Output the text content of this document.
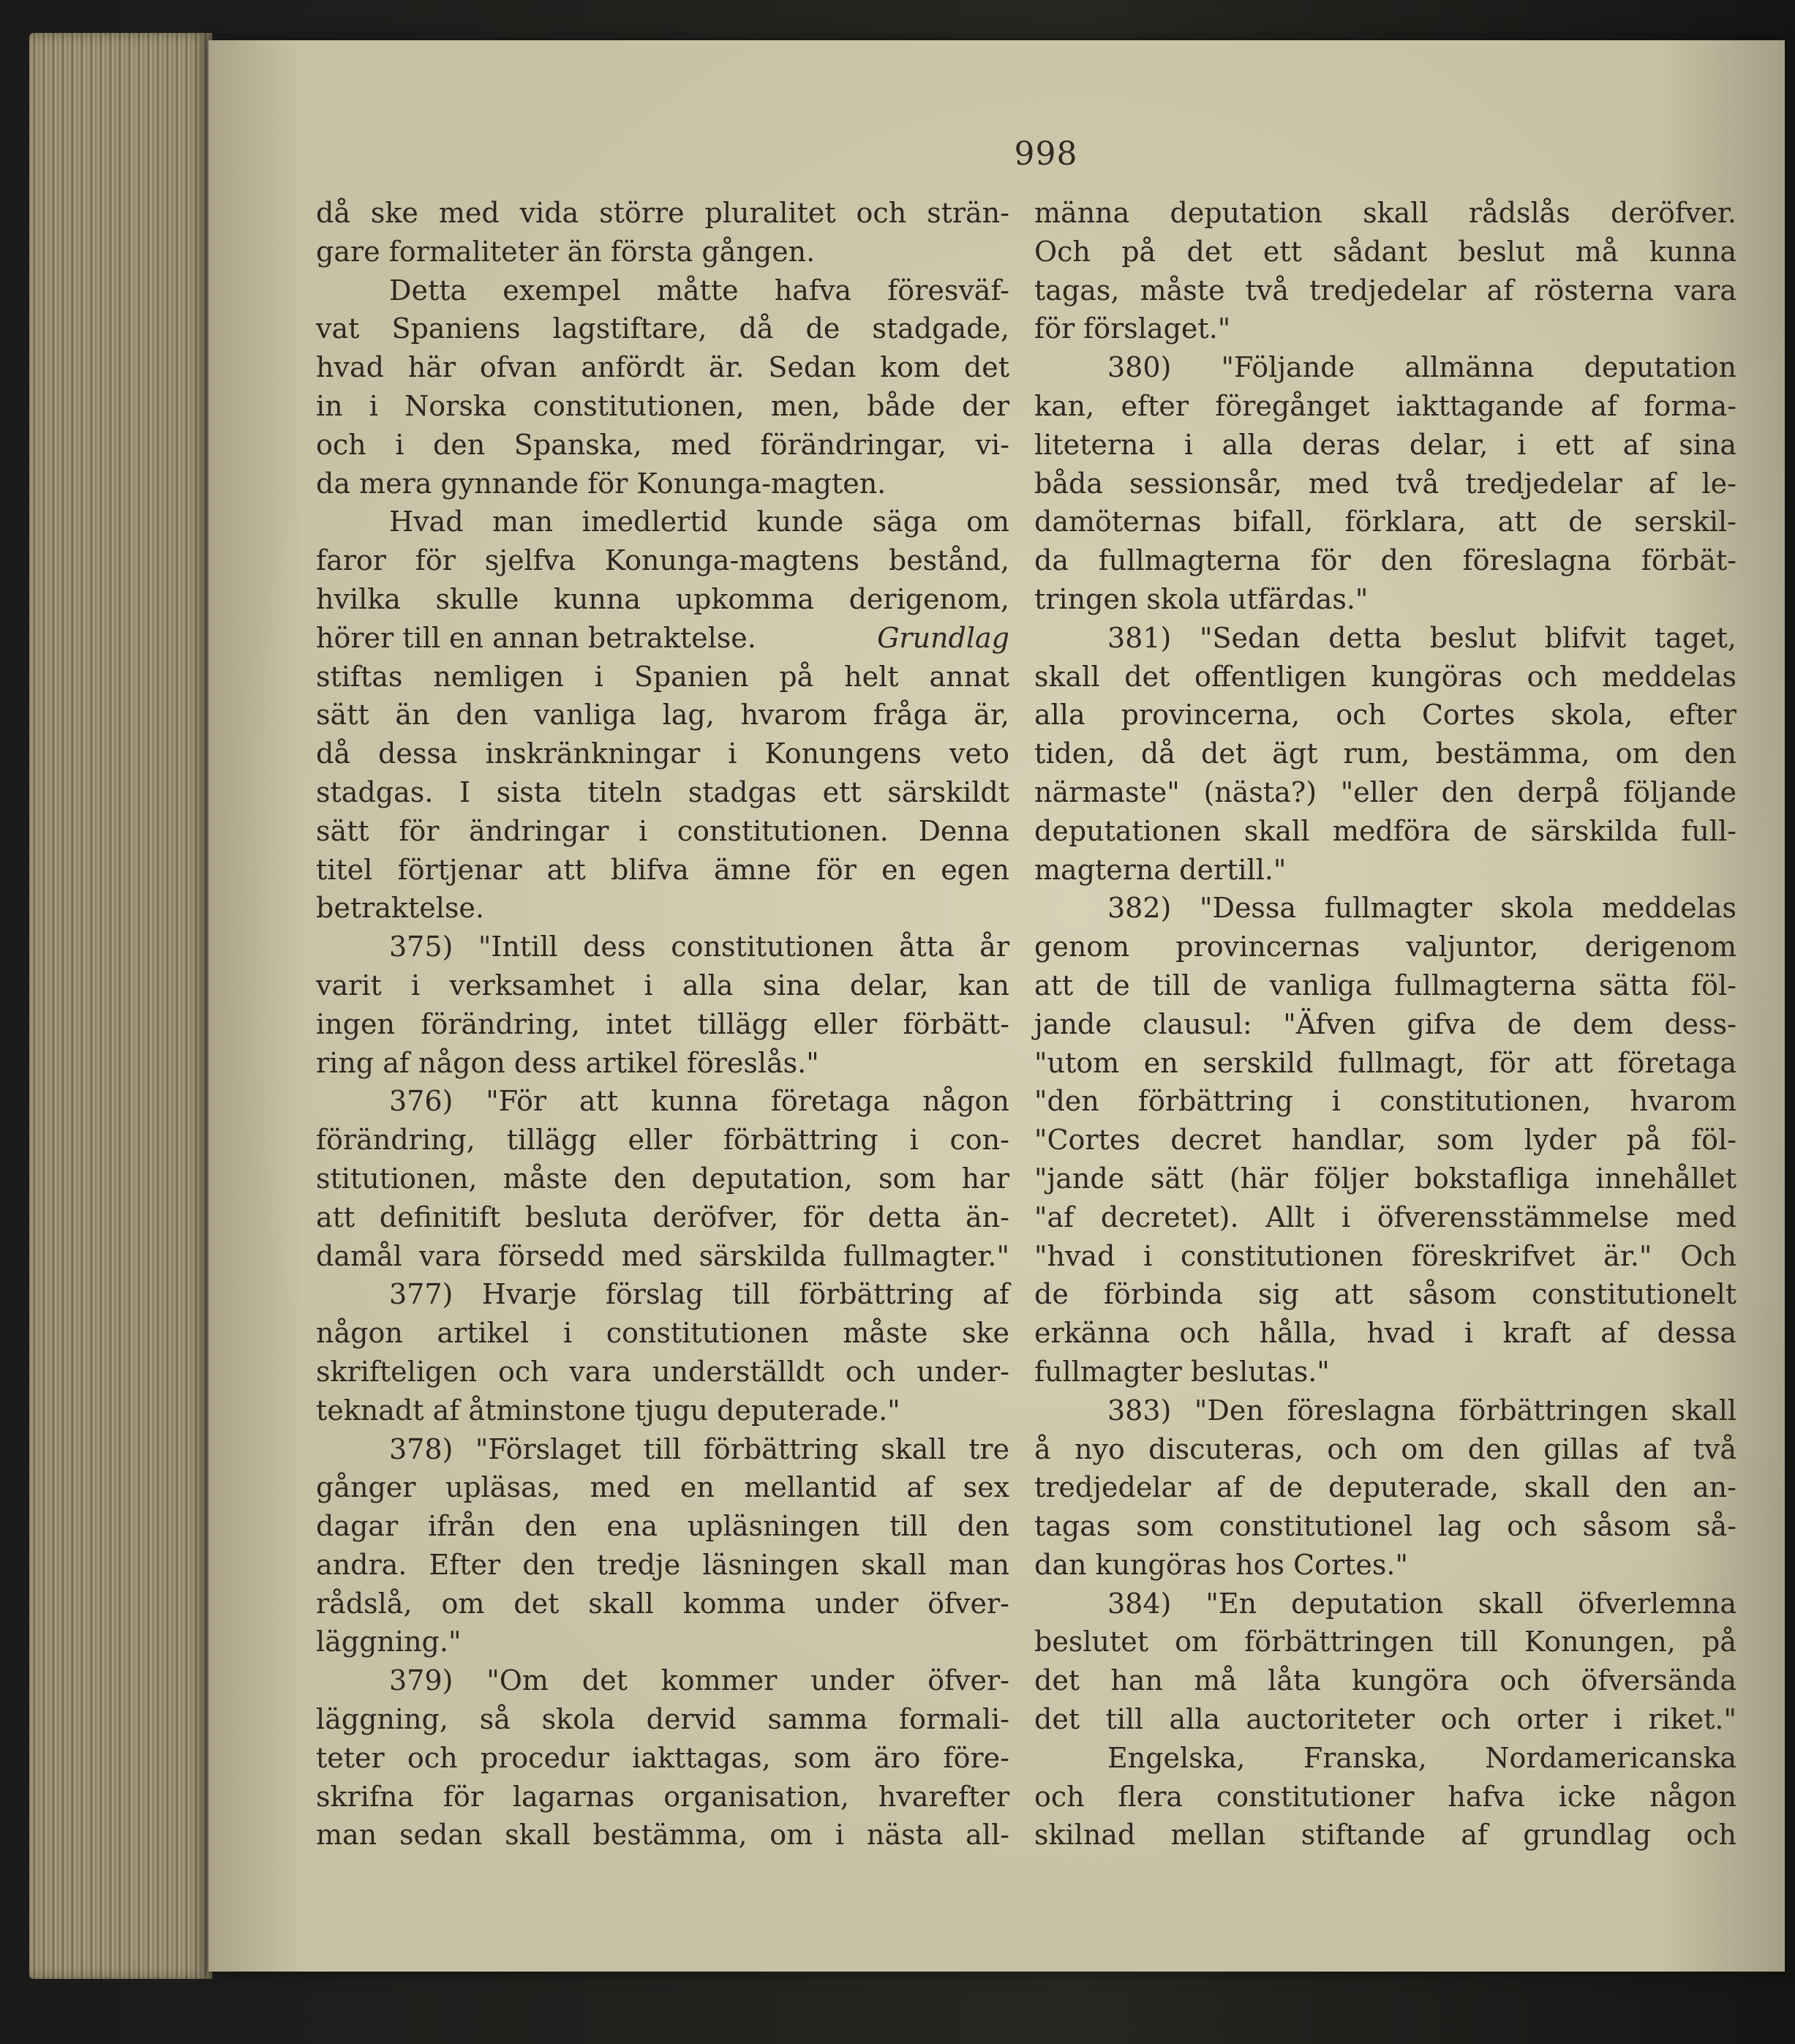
998
då ske med vida större pluralitet och strän-
gare formaliteter än första gången.
Detta exempel måtte hafva föresväf-
vat Spaniens lagstiftare, då de stadgade,
hvad här ofvan anfördt är. Sedan kom det
in i Norska constitutionen, men, både der
och i den Spanska, med förändringar, vi-
da mera gynnande för Konunga-magten.
Hvad man imedlertid kunde säga om
faror för sjelfva Konunga-magtens bestånd,
hvilka skulle kunna upkomma derigenom,
hörer till en annan betraktelse.	Grundlag
stiftas nemligen i Spanien på helt annat
sätt än den vanliga lag, hvarom fråga är,
då dessa inskränkningar i Konungens veto
stadgas. I sista titeln stadgas ett särskildt
sätt för ändringar i constitutionen. Denna
titel förtjenar att blifva ämne för en egen
betraktelse.
375) "Intill dess constitutionen åtta år
varit i verksamhet i alla sina delar, kan
ingen förändring, intet tillägg eller förbätt-
ring af någon dess artikel föreslås."
376) "För att kunna företaga någon
förändring, tillägg eller förbättring i con-
stitutionen, måste den deputation, som har
att definitift besluta deröfver, för detta än-
damål vara försedd med särskilda fullmagter."
377) Hvarje förslag till förbättring af
någon artikel i constitutionen måste ske
skrifteligen och vara underställdt och under-
teknadt af åtminstone tjugu deputerade."
378) "Förslaget till förbättring skall tre
gånger upläsas, med en mellantid af sex
dagar ifrån den ena upläsningen till den
andra. Efter den tredje läsningen skall man
rådslå, om det skall komma under öfver-
läggning."
379) "Om det kommer under öfver-
läggning, så skola dervid samma formali-
teter och procedur iakttagas, som äro före-
skrifna för lagarnas organisation, hvarefter
man sedan skall bestämma, om i nästa all-
männa deputation skall rådslås deröfver.
Och på det ett sådant beslut må kunna
tagas, måste två tredjedelar af rösterna vara
för förslaget."
380) "Följande allmänna deputation
kan, efter föregånget iakttagande af forma-
liteterna i alla deras delar, i ett af sina
båda sessionsår, med två tredjedelar af le-
damöternas bifall, förklara, att de serskil-
da fullmagterna för den föreslagna förbät-
tringen skola utfärdas."
381) "Sedan detta beslut blifvit taget,
skall det offentligen kungöras och meddelas
alla provincerna, och Cortes skola, efter
tiden, då det ägt rum, bestämma, om den
närmaste" (nästa?) "eller den derpå följande
deputationen skall medföra de särskilda full-
magterna dertill."
382) "Dessa fullmagter skola meddelas
genom provincernas valjuntor, derigenom
att de till de vanliga fullmagterna sätta föl-
jande clausul: "Äfven gifva de dem dess-
"utom en serskild fullmagt, för att företaga
"den förbättring i constitutionen, hvarom
"Cortes decret handlar, som lyder på föl-
"jande sätt (här följer bokstafliga innehållet
"af decretet). Allt i öfverensstämmelse med
"hvad i constitutionen föreskrifvet är." Och
de förbinda sig att såsom constitutionelt
erkänna och hålla, hvad i kraft af dessa
fullmagter beslutas."
383) "Den föreslagna förbättringen skall
å nyo discuteras, och om den gillas af två
tredjedelar af de deputerade, skall den an-
tagas som constitutionel lag och såsom så-
dan kungöras hos Cortes."
384) "En deputation skall öfverlemna
beslutet om förbättringen till Konungen, på
det han må låta kungöra och öfversända
det till alla auctoriteter och orter i riket."
Engelska, Franska, Nordamericanska
och flera constitutioner hafva icke någon
skilnad mellan stiftande af grundlag och
